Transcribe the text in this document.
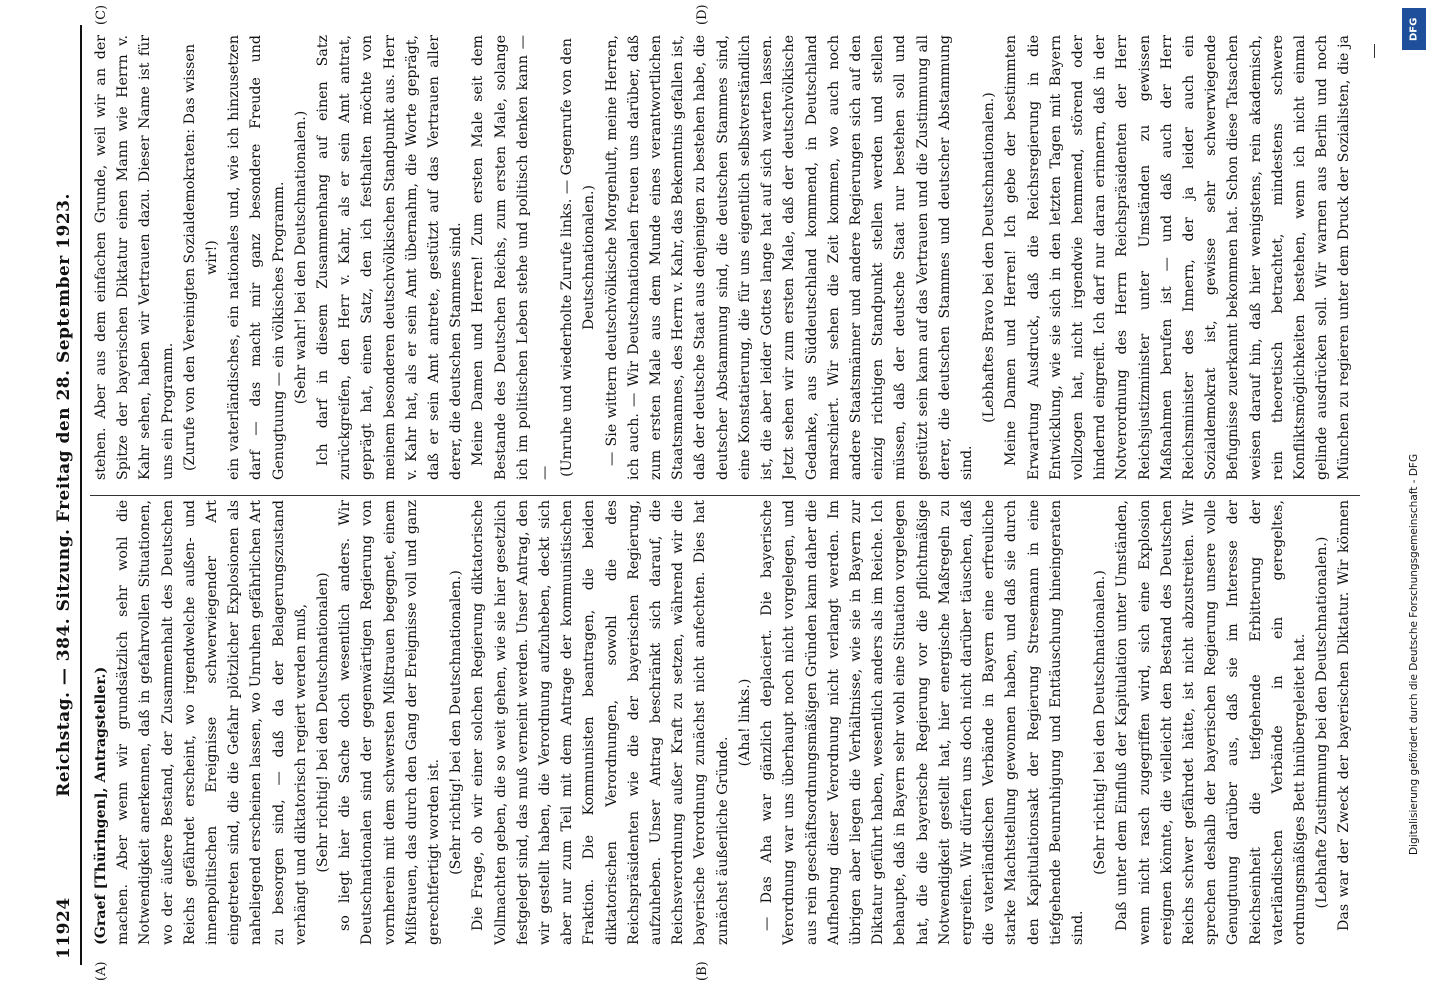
11924
Reichstag. — 384. Sitzung. Freitag den 28. September 1923.
(A)	(B)
(C)	(D)

(Graef [Thüringen], Antragsteller.) machen. Aber wenn wir grundsätzlich sehr wohl die Notwendigkeit anerkennen, daß in gefahrvollen Situationen, wo der äußere Bestand, der Zusammenhalt des Deutschen Reichs gefährdet erscheint, wo irgendwelche außen- und innenpolitischen Ereignisse schwerwiegender Art eingetreten sind, die die Gefahr plötzlicher Explosionen als naheliegend erscheinen lassen, wo Unruhen gefährlichen Art zu besorgen sind, — daß da der Belagerungszustand verhängt und diktatorisch regiert werden muß, (Sehr richtig! bei den Deutschnationalen) so liegt hier die Sache doch wesentlich anders. Wir Deutschnationalen sind der gegenwärtigen Regierung von vornherein mit dem schwersten Mißtrauen begegnet, einem Mißtrauen, das durch den Gang der Ereignisse voll und ganz gerechtfertigt worden ist. (Sehr richtig! bei den Deutschnationalen.) Die Frage, ob wir einer solchen Regierung diktatorische Vollmachten geben, die so weit gehen, wie sie hier gesetzlich festgelegt sind, das muß verneint werden. Unser Antrag, den wir gestellt haben, die Verordnung aufzuheben, deckt sich aber nur zum Teil mit dem Antrage der kommunistischen Fraktion. Die Kommunisten beantragen, die beiden diktatorischen Verordnungen, sowohl die des Reichspräsidenten wie die der bayerischen Regierung, aufzuheben. Unser Antrag beschränkt sich darauf, die Reichsverordnung außer Kraft zu setzen, während wir die bayerische Verordnung zunächst nicht anfechten. Dies hat zunächst äußerliche Gründe.

(Aha! links.) — Das Aha war gänzlich deplaciert. Die bayerische Verordnung war uns überhaupt noch nicht vorgelegen, und aus rein geschäftsordnungsmäßigen Gründen kann daher die Aufhebung dieser Verordnung nicht verlangt werden. Im übrigen aber liegen die Verhältnisse, wie sie in Bayern zur Diktatur geführt haben, wesentlich anders als im Reiche. Ich behaupte, daß in Bayern sehr wohl eine Situation vorgelegen hat, die die bayerische Regierung vor die pflichtmäßige Notwendigkeit gestellt hat, hier energische Maßregeln zu ergreifen. Wir dürfen uns doch nicht darüber täuschen, daß die vaterländischen Verbände in Bayern eine erfreuliche starke Machtstellung gewonnen haben, und daß sie durch den Kapitulationsakt der Regierung Stresemann in eine tiefgehende Beunruhigung und Enttäuschung hineingeraten sind.

(Sehr richtig! bei den Deutschnationalen.) Daß unter dem Einfluß der Kapitulation unter Umständen, wenn nicht rasch zugegriffen wird, sich eine Explosion ereignen könnte, die vielleicht den Bestand des Deutschen Reichs schwer gefährdet hätte, ist nicht abzustreiten. Wir sprechen deshalb der bayerischen Regierung unsere volle Genugtuung darüber aus, daß sie im Interesse der Reichseinheit die tiefgehende Erbitterung der vaterländischen Verbände in ein geregeltes, ordnungsmäßiges Bett hinübergeleitet hat. (Lebhafte Zustimmung bei den Deutschnationalen.)

Das war der Zweck der bayerischen Diktatur. Wir können

stehen. Aber aus dem einfachen Grunde, weil wir an der Spitze der bayerischen Diktatur einen Mann wie Herrn v. Kahr sehen, haben wir Vertrauen dazu. Dieser Name ist für uns ein Programm. (Zurufe von den Vereinigten Sozialdemokraten: Das wissen wir!) ein vaterländisches, ein nationales und, wie ich hinzusetzen darf — das macht mir ganz besondere Freude und Genugtuung — ein völkisches Programm. (Sehr wahr! bei den Deutschnationalen.) Ich darf in diesem Zusammenhang auf einen Satz zurückgreifen, den Herr v. Kahr, als er sein Amt antrat, geprägt hat, einen Satz, den ich festhalten möchte von meinem besonderen deutschvölkischen Standpunkt aus. Herr v. Kahr hat, als er sein Amt übernahm, die Worte geprägt, daß er sein Amt antrete, gestützt auf das Vertrauen aller derer, die deutschen Stammes sind. Meine Damen und Herren! Zum ersten Male seit dem Bestande des Deutschen Reichs, zum ersten Male, solange ich im politischen Leben stehe und politisch denken kann — — (Unruhe und wiederholte Zurufe links. — Gegenrufe von den Deutschnationalen.) — Sie wittern deutschvölkische Morgenluft, meine Herren, ich auch. — Wir Deutschnationalen freuen uns darüber, daß zum ersten Male aus dem Munde eines verantwortlichen Staatsmannes, des Herrn v. Kahr, das Bekenntnis gefallen ist, daß der deutsche Staat aus denjenigen zu bestehen habe, die deutscher Abstammung sind, die deutschen Stammes sind, eine Konstatierung, die für uns eigentlich selbstverständlich ist, die aber leider Gottes lange hat auf sich warten lassen. Jetzt sehen wir zum ersten Male, daß der deutschvölkische Gedanke, aus Süddeutschland kommend, in Deutschland marschiert. Wir sehen die Zeit kommen, wo auch noch andere Staatsmänner und andere Regierungen sich auf den einzig richtigen Standpunkt stellen werden und stellen müssen, daß der deutsche Staat nur bestehen soll und gestützt sein kann auf das Vertrauen und die Zustimmung all derer, die deutschen Stammes und deutscher Abstammung sind.

(Lebhaftes Bravo bei den Deutschnationalen.)

Meine Damen und Herren! Ich gebe der bestimmten Erwartung Ausdruck, daß die Reichsregierung in die Entwicklung, wie sie sich in den letzten Tagen mit Bayern vollzogen hat, nicht irgendwie hemmend, störend oder hindernd eingreift. Ich darf nur daran erinnern, daß in der Notverordnung des Herrn Reichspräsidenten der Herr Reichsjustizminister unter Umständen zu gewissen Maßnahmen berufen ist — und daß auch der Herr Reichsminister des Innern, der ja leider auch ein Sozialdemokrat ist, gewisse sehr schwerwiegende Befugnisse zuerkannt bekommen hat. Schon diese Tatsachen weisen darauf hin, daß hier wenigstens, rein akademisch, rein theoretisch betrachtet, mindestens schwere Konfliktsmöglichkeiten bestehen, wenn ich nicht einmal gelinde ausdrücken soll. Wir warnen aus Berlin und noch München zu regieren unter dem Druck der Sozialisten, die ja

DFG
Digitalisierung gefördert durch die Deutsche Forschungsgemeinschaft - DFG
